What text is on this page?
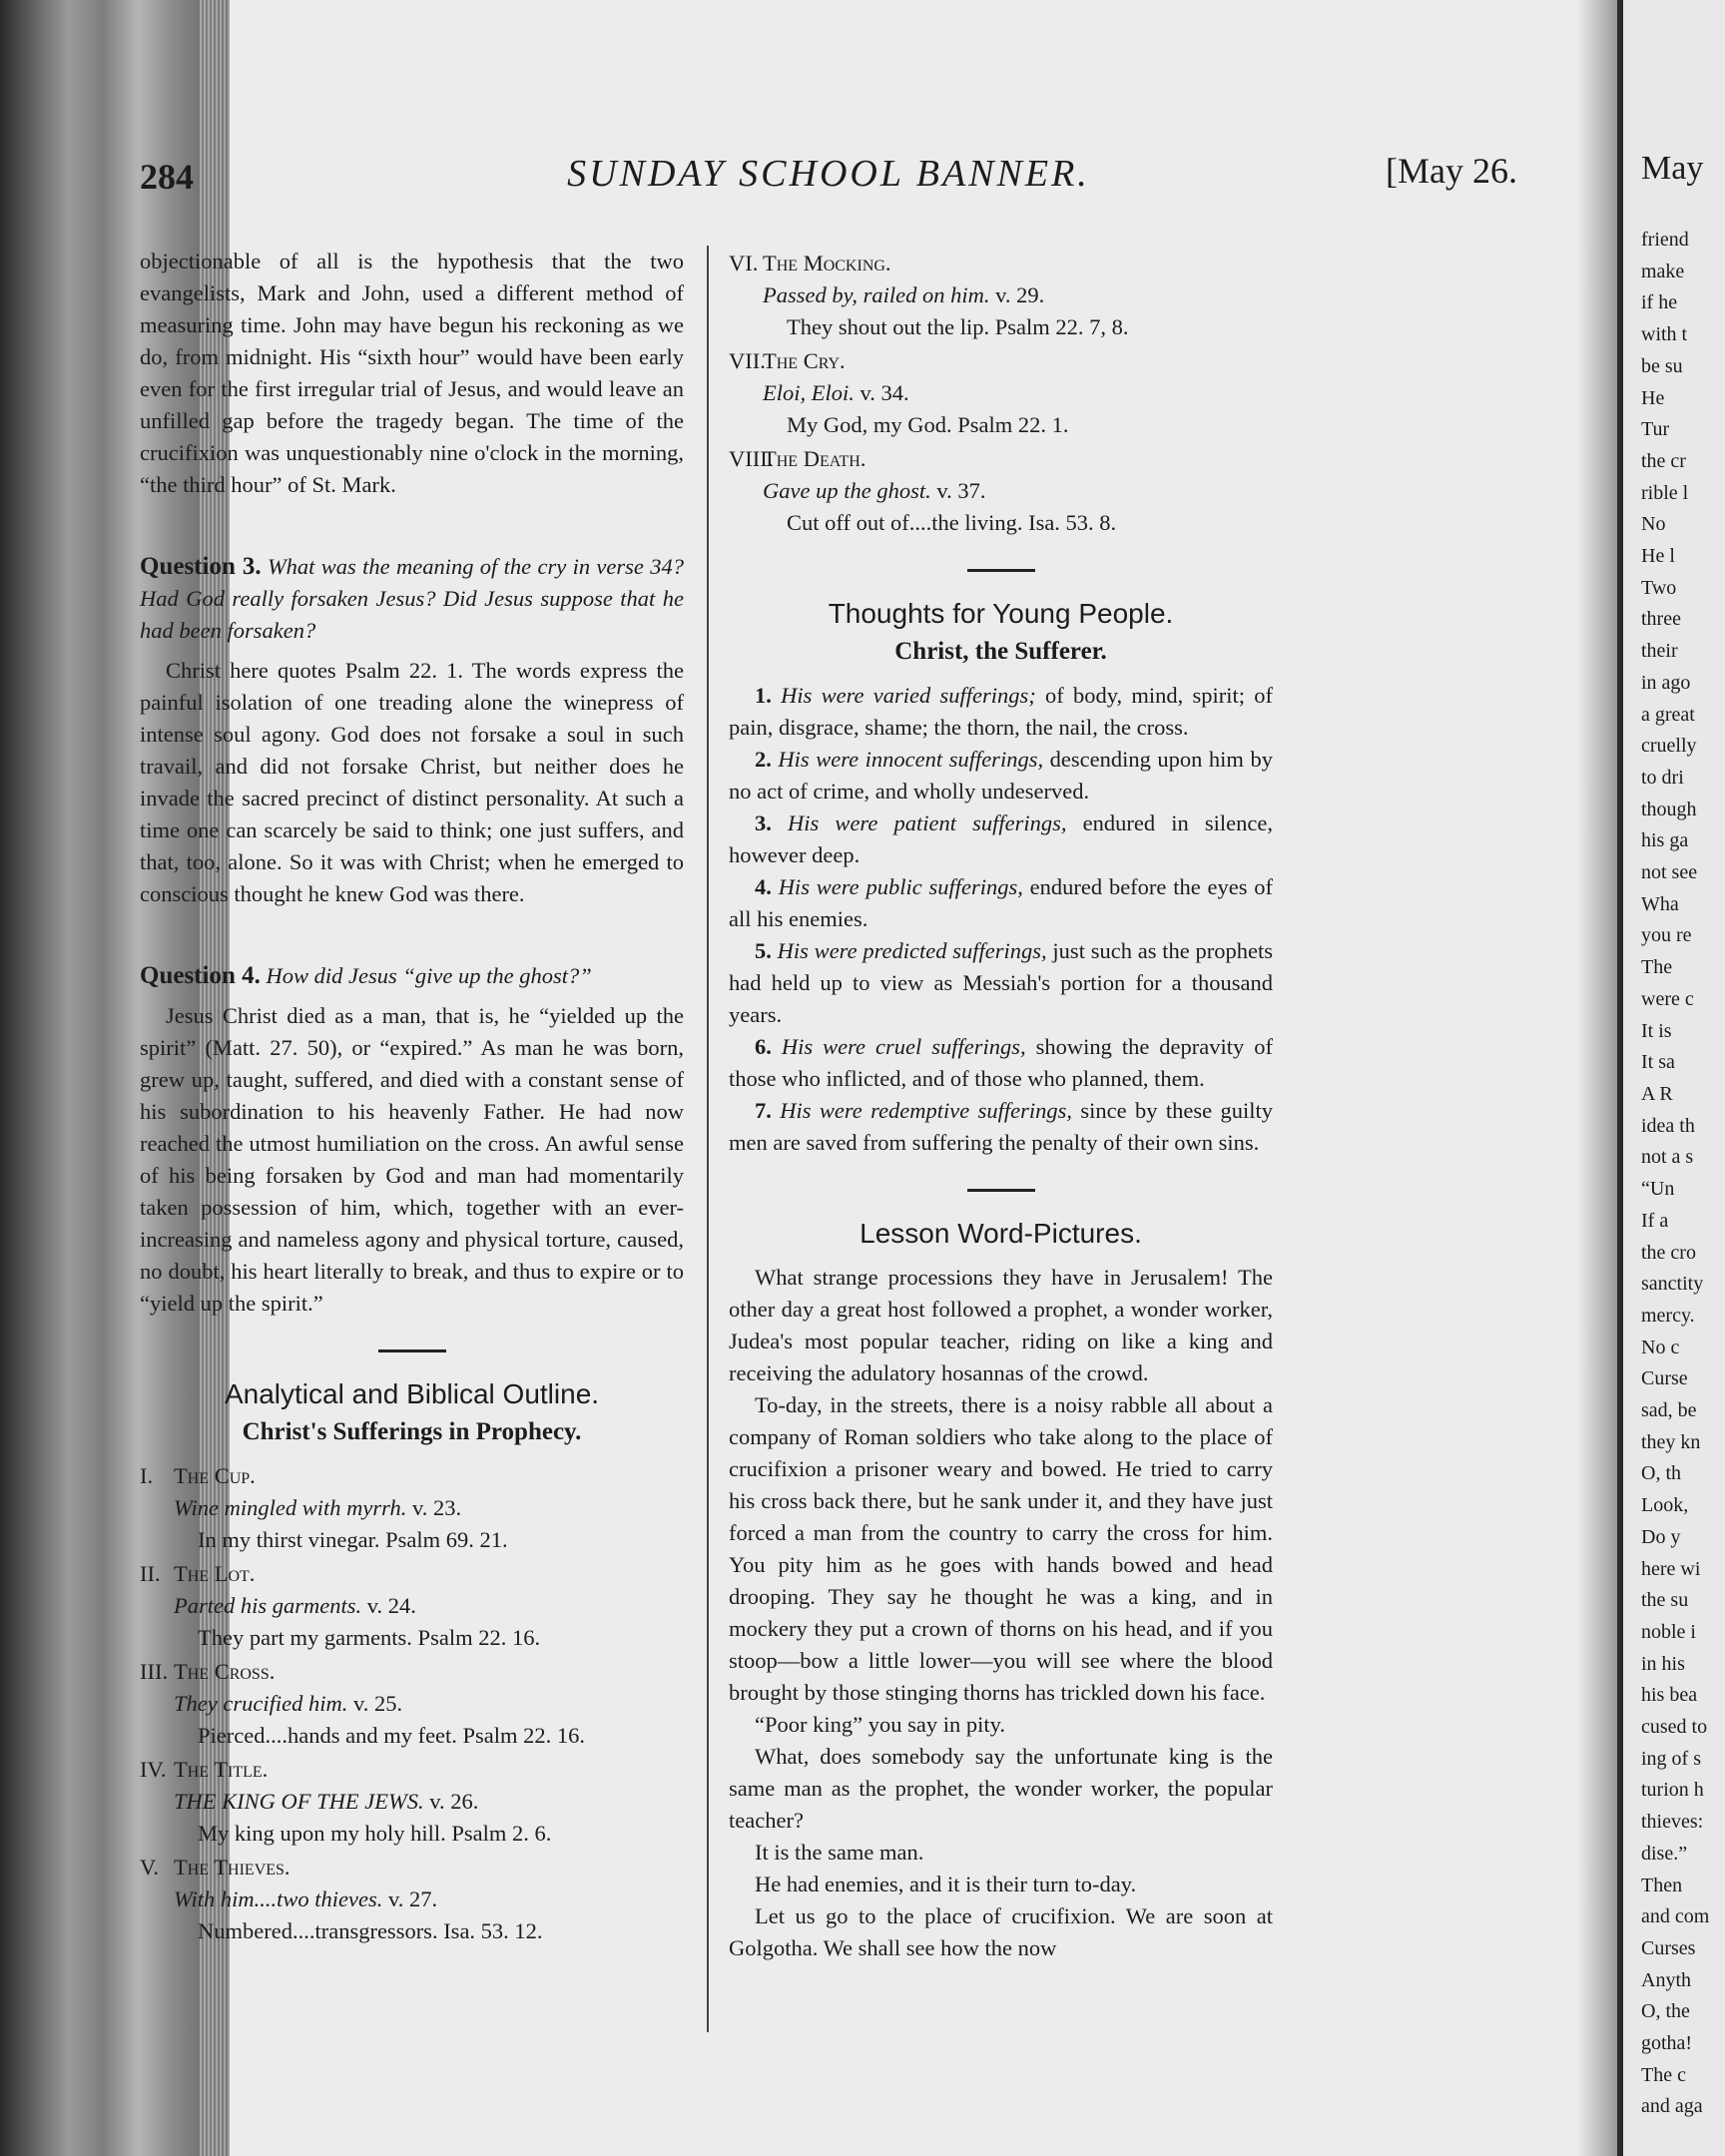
May
friend
make
if he
with t
be su
He
Tur
the cr
rible l
No
He l
Two
three
their
in ago
a great
cruelly
to dri
though
his ga
not see
Wha
you re
The
were c
It is
It sa
A R
idea th
not a s
“Un
If a
the cro
sanctity
mercy.
No c
Curse
sad, be
they kn
O, th
Look,
Do y
here wi
the su
noble i
in his
his bea
cused to
ing of s
turion h
thieves:
dise.”
Then
and com
Curses
Anyth
O, the
gotha!
The c
and aga
284	SUNDAY SCHOOL BANNER.	[May 26.

objectionable of all is the hypothesis that the two evangelists, Mark and John, used a different method of measuring time. John may have begun his reckoning as we do, from midnight. His “sixth hour” would have been early even for the first irregular trial of Jesus, and would leave an unfilled gap before the tragedy began. The time of the crucifixion was unquestionably nine o'clock in the morning, “the third hour” of St. Mark.

Question 3. What was the meaning of the cry in verse 34? Had God really forsaken Jesus? Did Jesus suppose that he had been forsaken?

Christ here quotes Psalm 22. 1. The words express the painful isolation of one treading alone the winepress of intense soul agony. God does not forsake a soul in such travail, and did not forsake Christ, but neither does he invade the sacred precinct of distinct personality. At such a time one can scarcely be said to think; one just suffers, and that, too, alone. So it was with Christ; when he emerged to conscious thought he knew God was there.

Question 4. How did Jesus “give up the ghost?”

Jesus Christ died as a man, that is, he “yielded up the spirit” (Matt. 27. 50), or “expired.” As man he was born, grew up, taught, suffered, and died with a constant sense of his subordination to his heavenly Father. He had now reached the utmost humiliation on the cross. An awful sense of his being forsaken by God and man had momentarily taken possession of him, which, together with an ever-increasing and nameless agony and physical torture, caused, no doubt, his heart literally to break, and thus to expire or to “yield up the spirit.”

Analytical and Biblical Outline.
Christ's Sufferings in Prophecy.
I. The Cup.
Wine mingled with myrrh. v. 23.
In my thirst vinegar. Psalm 69. 21.
II. The Lot.
Parted his garments. v. 24.
They part my garments. Psalm 22. 16.
III. The Cross.
They crucified him. v. 25.
Pierced....hands and my feet. Psalm 22. 16.
IV. The Title.
THE KING OF THE JEWS. v. 26.
My king upon my holy hill. Psalm 2. 6.
V. The Thieves.
With him....two thieves. v. 27.
Numbered....transgressors. Isa. 53. 12.
VI. The Mocking.
Passed by, railed on him. v. 29.
They shout out the lip. Psalm 22. 7, 8.
VII.The Cry.
Eloi, Eloi. v. 34.
My God, my God. Psalm 22. 1.
VIII.The Death.
Gave up the ghost. v. 37.
Cut off out of....the living. Isa. 53. 8.
Thoughts for Young People.
Christ, the Sufferer.

1. His were varied sufferings; of body, mind, spirit; of pain, disgrace, shame; the thorn, the nail, the cross.

2. His were innocent sufferings, descending upon him by no act of crime, and wholly undeserved.

3. His were patient sufferings, endured in silence, however deep.

4. His were public sufferings, endured before the eyes of all his enemies.

5. His were predicted sufferings, just such as the prophets had held up to view as Messiah's portion for a thousand years.

6. His were cruel sufferings, showing the depravity of those who inflicted, and of those who planned, them.

7. His were redemptive sufferings, since by these guilty men are saved from suffering the penalty of their own sins.

Lesson Word-Pictures.

What strange processions they have in Jerusalem! The other day a great host followed a prophet, a wonder worker, Judea's most popular teacher, riding on like a king and receiving the adulatory hosannas of the crowd.

To-day, in the streets, there is a noisy rabble all about a company of Roman soldiers who take along to the place of crucifixion a prisoner weary and bowed. He tried to carry his cross back there, but he sank under it, and they have just forced a man from the country to carry the cross for him. You pity him as he goes with hands bowed and head drooping. They say he thought he was a king, and in mockery they put a crown of thorns on his head, and if you stoop—bow a little lower—you will see where the blood brought by those stinging thorns has trickled down his face.

“Poor king” you say in pity.

What, does somebody say the unfortunate king is the same man as the prophet, the wonder worker, the popular teacher?

It is the same man.

He had enemies, and it is their turn to-day.

Let us go to the place of crucifixion. We are soon at Golgotha. We shall see how the now
